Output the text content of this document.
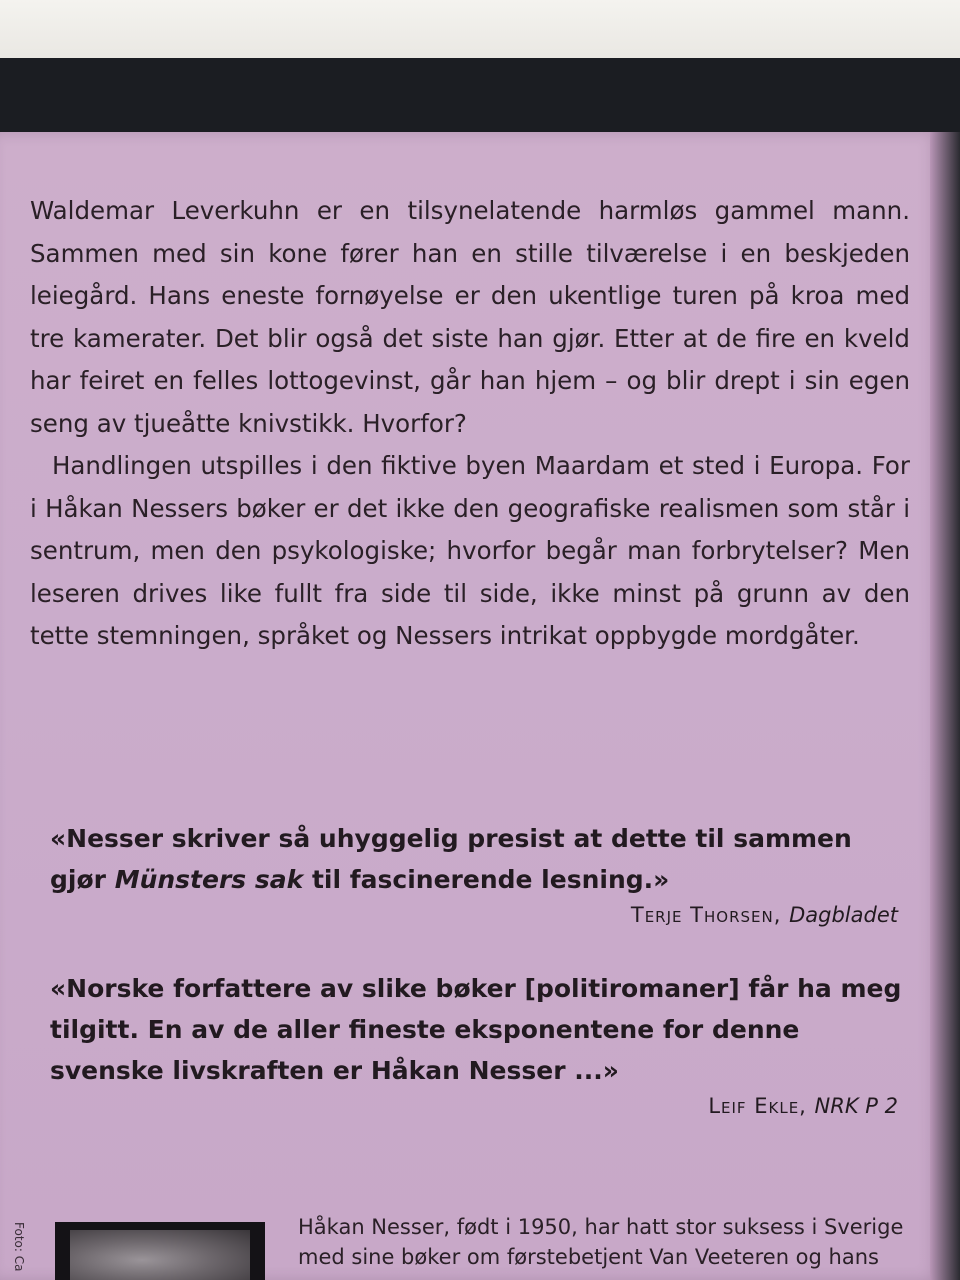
Waldemar Leverkuhn er en tilsynelatende harmløs gammel mann. Sammen med sin kone fører han en stille tilværelse i en beskjeden leiegård. Hans eneste fornøyelse er den ukentlige turen på kroa med tre kamerater. Det blir også det siste han gjør. Etter at de fire en kveld har feiret en felles lottogevinst, går han hjem – og blir drept i sin egen seng av tjueåtte knivstikk. Hvorfor?

Handlingen utspilles i den fiktive byen Maardam et sted i Europa. For i Håkan Nessers bøker er det ikke den geografiske realismen som står i sentrum, men den psykologiske; hvorfor begår man forbrytelser? Men leseren drives like fullt fra side til side, ikke minst på grunn av den tette stemningen, språket og Nessers intrikat oppbygde mordgåter.

«Nesser skriver så uhyggelig presist at dette til sammen gjør Münsters sak til fascinerende lesning.»
Terje Thorsen, Dagbladet
«Norske forfattere av slike bøker [politiromaner] får ha meg tilgitt. En av de aller fineste eksponentene for denne svenske livskraften er Håkan Nesser ...»
Leif Ekle, NRK P 2
Foto: Ca	Håkan Nesser, født i 1950, har hatt stor suksess i Sverige
med sine bøker om førstebetjent Van Veeteren og hans
